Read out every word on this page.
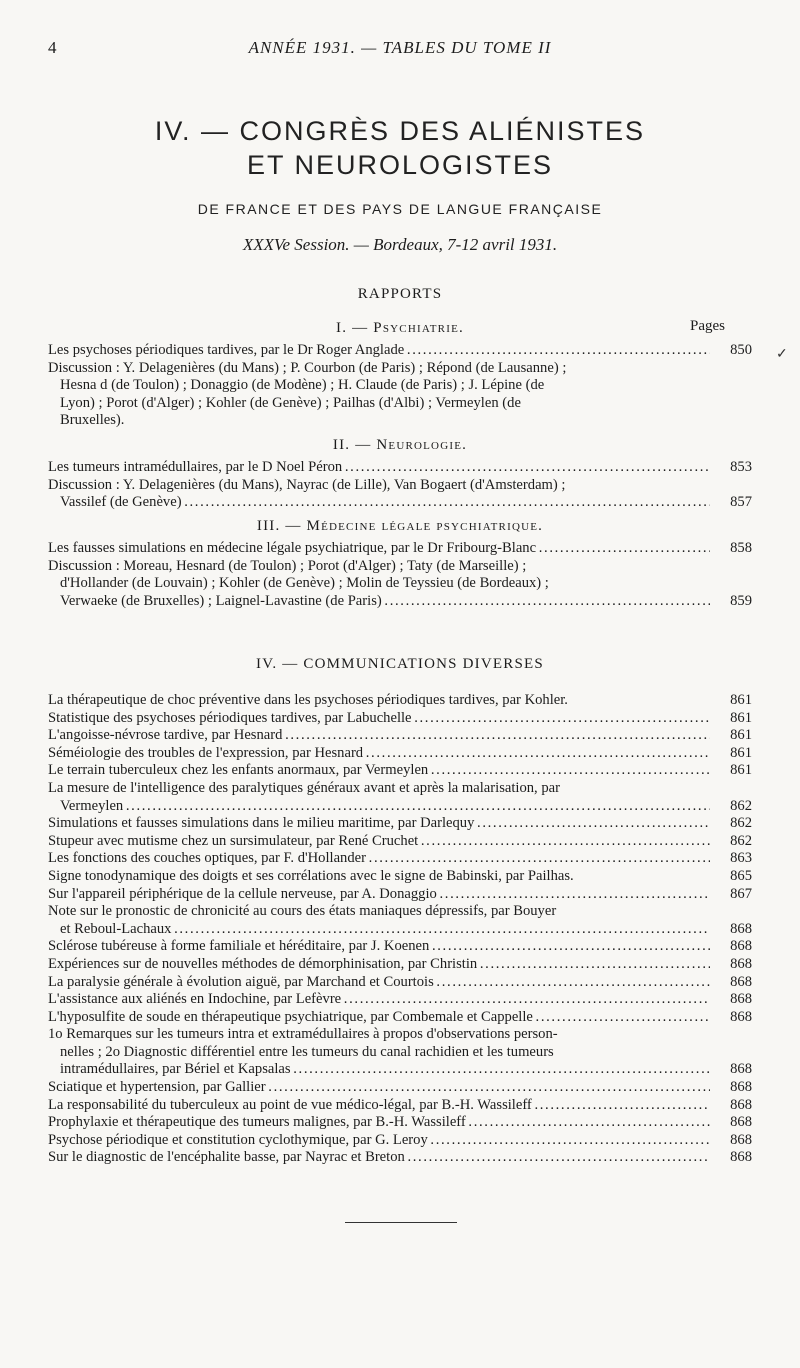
4	ANNÉE 1931. — TABLES DU TOME II
IV. — CONGRÈS DES ALIÉNISTES
ET NEUROLOGISTES
DE FRANCE ET DES PAYS DE LANGUE FRANÇAISE
XXXVe Session. — Bordeaux, 7-12 avril 1931.
RAPPORTS
Pages
✓
I. — Psychiatrie.
Les psychoses périodiques tardives, par le Dr Roger Anglade . . .	850
Discussion : Y. Delagenières (du Mans) ; P. Courbon (de Paris) ; Répond (de Lausanne) ;
Hesna d (de Toulon) ; Donaggio (de Modène) ; H. Claude (de Paris) ; J. Lépine (de
Lyon) ; Porot (d'Alger) ; Kohler (de Genève) ; Pailhas (d'Albi) ; Vermeylen (de
Bruxelles).
II. — Neurologie.
Les tumeurs intramédullaires, par le D Noel Péron . . .	853
Discussion : Y. Delagenières (du Mans), Nayrac (de Lille), Van Bogaert (d'Amsterdam) ;
Vassilef (de Genève) . . .	857
III. — Médecine légale psychiatrique.
Les fausses simulations en médecine légale psychiatrique, par le Dr Fribourg-Blanc . . .	858
Discussion : Moreau, Hesnard (de Toulon) ; Porot (d'Alger) ; Taty (de Marseille) ;
d'Hollander (de Louvain) ; Kohler (de Genève) ; Molin de Teyssieu (de Bordeaux) ;
Verwaeke (de Bruxelles) ; Laignel-Lavastine (de Paris) . . .	859
IV. — COMMUNICATIONS DIVERSES
La thérapeutique de choc préventive dans les psychoses périodiques tardives, par Kohler.	861
Statistique des psychoses périodiques tardives, par Labuchelle . . .	861
L'angoisse-névrose tardive, par Hesnard . . .	861
Séméiologie des troubles de l'expression, par Hesnard . . .	861
Le terrain tuberculeux chez les enfants anormaux, par Vermeylen . . .	861
La mesure de l'intelligence des paralytiques généraux avant et après la malarisation, par
Vermeylen . . .	862
Simulations et fausses simulations dans le milieu maritime, par Darlequy . . .	862
Stupeur avec mutisme chez un sursimulateur, par René Cruchet . . .	862
Les fonctions des couches optiques, par F. d'Hollander . . .	863
Signe tonodynamique des doigts et ses corrélations avec le signe de Babinski, par Pailhas.	865
Sur l'appareil périphérique de la cellule nerveuse, par A. Donaggio . . .	867
Note sur le pronostic de chronicité au cours des états maniaques dépressifs, par Bouyer
et Reboul-Lachaux . . .	868
Sclérose tubéreuse à forme familiale et héréditaire, par J. Koenen . . .	868
Expériences sur de nouvelles méthodes de démorphinisation, par Christin . . .	868
La paralysie générale à évolution aiguë, par Marchand et Courtois . . .	868
L'assistance aux aliénés en Indochine, par Lefèvre . . .	868
L'hyposulfite de soude en thérapeutique psychiatrique, par Combemale et Cappelle . . .	868
1o Remarques sur les tumeurs intra et extramédullaires à propos d'observations person-
nelles ; 2o Diagnostic différentiel entre les tumeurs du canal rachidien et les tumeurs
intramédullaires, par Bériel et Kapsalas . . .	868
Sciatique et hypertension, par Gallier . . .	868
La responsabilité du tuberculeux au point de vue médico-légal, par B.-H. Wassileff . . .	868
Prophylaxie et thérapeutique des tumeurs malignes, par B.-H. Wassileff . . .	868
Psychose périodique et constitution cyclothymique, par G. Leroy . . .	868
Sur le diagnostic de l'encéphalite basse, par Nayrac et Breton . . .	868
